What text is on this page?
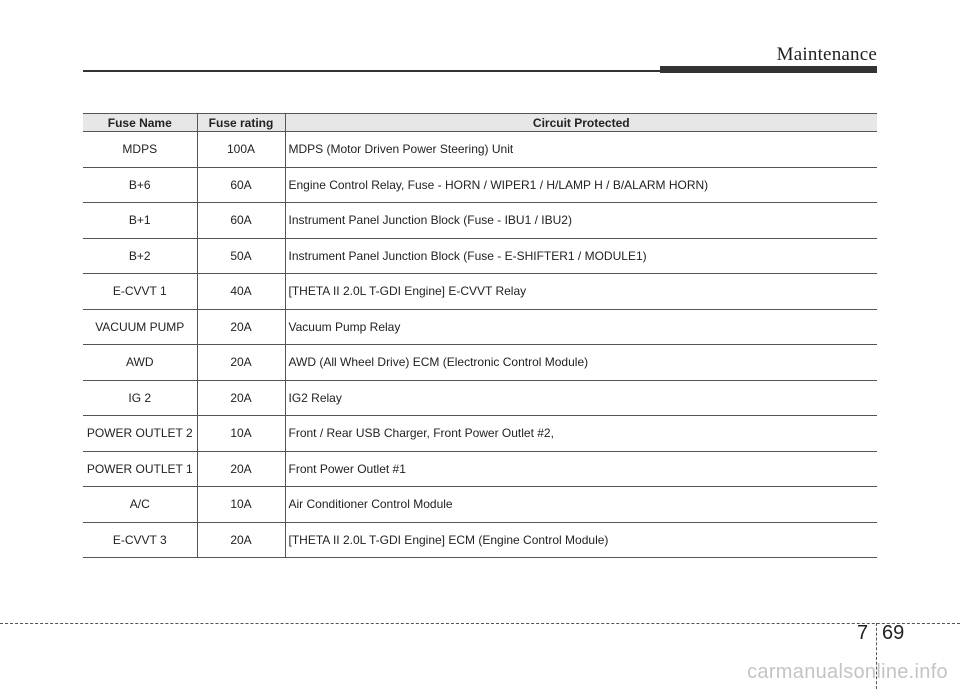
Maintenance
Fuse Name	Fuse rating	Circuit Protected
MDPS	100A	MDPS (Motor Driven Power Steering) Unit
B+6	60A	Engine Control Relay, Fuse - HORN / WIPER1 / H/LAMP H / B/ALARM HORN)
B+1	60A	Instrument Panel Junction Block (Fuse - IBU1 / IBU2)
B+2	50A	Instrument Panel Junction Block (Fuse - E-SHIFTER1 / MODULE1)
E-CVVT 1	40A	[THETA II 2.0L T-GDI Engine] E-CVVT Relay
VACUUM PUMP	20A	Vacuum Pump Relay
AWD	20A	AWD (All Wheel Drive) ECM (Electronic Control Module)
IG 2	20A	IG2 Relay
POWER OUTLET 2	10A	Front / Rear USB Charger, Front Power Outlet #2,
POWER OUTLET 1	20A	Front Power Outlet #1
A/C	10A	Air Conditioner Control Module
E-CVVT 3	20A	[THETA II 2.0L T-GDI Engine] ECM (Engine Control Module)
7 69
carmanualsonline.info
